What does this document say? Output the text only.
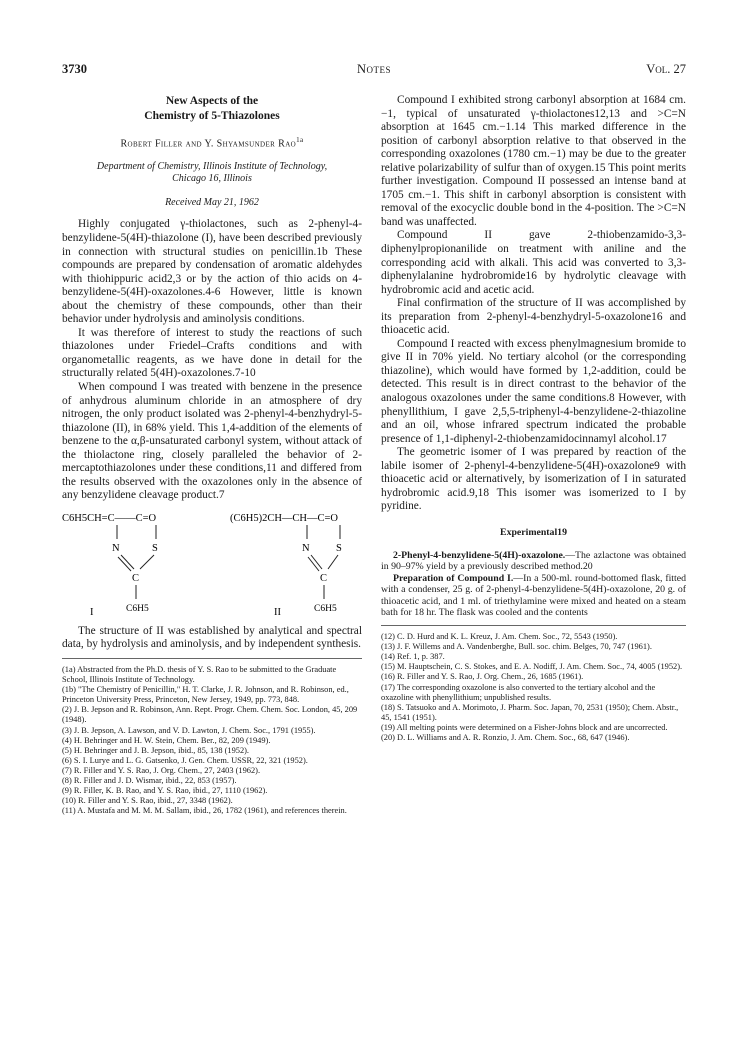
3730	Notes	Vol. 27
New Aspects of the
Chemistry of 5-Thiazolones
Robert Filler and Y. Shyamsunder Rao$^{1a}$
Department of Chemistry, Illinois Institute of Technology,
Chicago 16, Illinois
Received May 21, 1962

Highly conjugated γ-thiolactones, such as 2-phenyl-4-benzylidene-5(4H)-thiazolone (I), have been described previously in connection with structural studies on penicillin.1b These compounds are prepared by condensation of aromatic aldehydes with thiohippuric acid2,3 or by the action of thio acids on 4-benzylidene-5(4H)-oxazolones.4-6 However, little is known about the chemistry of these compounds, other than their behavior under hydrolysis and aminolysis conditions.

It was therefore of interest to study the reactions of such thiazolones under Friedel–Crafts conditions and with organometallic reagents, as we have done in detail for the structurally related 5(4H)-oxazolones.7-10

When compound I was treated with benzene in the presence of anhydrous aluminum chloride in an atmosphere of dry nitrogen, the only product isolated was 2-phenyl-4-benzhydryl-5-thiazolone (II), in 68% yield. This 1,4-addition of the elements of benzene to the α,β-unsaturated carbonyl system, without attack of the thiolactone ring, closely paralleled the behavior of 2-mercaptothiazolones under these conditions,11 and differed from the results observed with the oxazolones only in the absence of any benzylidene cleavage product.7

C6H5CH=C——C=O
N	S
C
C6H5
I
(C6H5)2CH—CH—C=O
N	S
C
C6H5
II

The structure of II was established by analytical and spectral data, by hydrolysis and aminolysis, and by independent synthesis.

(1a) Abstracted from the Ph.D. thesis of Y. S. Rao to be submitted to the Graduate School, Illinois Institute of Technology.

(1b) "The Chemistry of Penicillin," H. T. Clarke, J. R. Johnson, and R. Robinson, ed., Princeton University Press, Princeton, New Jersey, 1949, pp. 773, 848.

(2) J. B. Jepson and R. Robinson, Ann. Rept. Progr. Chem. Chem. Soc. London, 45, 209 (1948).

(3) J. B. Jepson, A. Lawson, and V. D. Lawton, J. Chem. Soc., 1791 (1955).

(4) H. Behringer and H. W. Stein, Chem. Ber., 82, 209 (1949).

(5) H. Behringer and J. B. Jepson, ibid., 85, 138 (1952).

(6) S. I. Lurye and L. G. Gatsenko, J. Gen. Chem. USSR, 22, 321 (1952).

(7) R. Filler and Y. S. Rao, J. Org. Chem., 27, 2403 (1962).

(8) R. Filler and J. D. Wismar, ibid., 22, 853 (1957).

(9) R. Filler, K. B. Rao, and Y. S. Rao, ibid., 27, 1110 (1962).

(10) R. Filler and Y. S. Rao, ibid., 27, 3348 (1962).

(11) A. Mustafa and M. M. M. Sallam, ibid., 26, 1782 (1961), and references therein.

Compound I exhibited strong carbonyl absorption at 1684 cm.−1, typical of unsaturated γ-thiolactones12,13 and >C=N absorption at 1645 cm.−1.14 This marked difference in the position of carbonyl absorption relative to that observed in the corresponding oxazolones (1780 cm.−1) may be due to the greater relative polarizability of sulfur than of oxygen.15 This point merits further investigation. Compound II possessed an intense band at 1705 cm.−1. This shift in carbonyl absorption is consistent with removal of the exocyclic double bond in the 4-position. The >C=N band was unaffected.

Compound II gave 2-thiobenzamido-3,3-diphenylpropionanilide on treatment with aniline and the corresponding acid with alkali. This acid was converted to 3,3-diphenylalanine hydrobromide16 by hydrolytic cleavage with hydrobromic acid and acetic acid.

Final confirmation of the structure of II was accomplished by its preparation from 2-phenyl-4-benzhydryl-5-oxazolone16 and thioacetic acid.

Compound I reacted with excess phenylmagnesium bromide to give II in 70% yield. No tertiary alcohol (or the corresponding thiazoline), which would have formed by 1,2-addition, could be detected. This result is in direct contrast to the behavior of the analogous oxazolones under the same conditions.8 However, with phenyllithium, I gave 2,5,5-triphenyl-4-benzylidene-2-thiazoline and an oil, whose infrared spectrum indicated the probable presence of 1,1-diphenyl-2-thiobenzamidocinnamyl alcohol.17

The geometric isomer of I was prepared by reaction of the labile isomer of 2-phenyl-4-benzylidene-5(4H)-oxazolone9 with thioacetic acid or alternatively, by isomerization of I in saturated hydrobromic acid.9,18 This isomer was isomerized to I by pyridine.

Experimental19

2-Phenyl-4-benzylidene-5(4H)-oxazolone.—The azlactone was obtained in 90–97% yield by a previously described method.20

Preparation of Compound I.—In a 500-ml. round-bottomed flask, fitted with a condenser, 25 g. of 2-phenyl-4-benzylidene-5(4H)-oxazolone, 20 g. of thioacetic acid, and 1 ml. of triethylamine were mixed and heated on a steam bath for 18 hr. The flask was cooled and the contents

(12) C. D. Hurd and K. L. Kreuz, J. Am. Chem. Soc., 72, 5543 (1950).

(13) J. F. Willems and A. Vandenberghe, Bull. soc. chim. Belges, 70, 747 (1961).

(14) Ref. 1, p. 387.

(15) M. Hauptschein, C. S. Stokes, and E. A. Nodiff, J. Am. Chem. Soc., 74, 4005 (1952).

(16) R. Filler and Y. S. Rao, J. Org. Chem., 26, 1685 (1961).

(17) The corresponding oxazolone is also converted to the tertiary alcohol and the oxazoline with phenyllithium; unpublished results.

(18) S. Tatsuoko and A. Morimoto, J. Pharm. Soc. Japan, 70, 2531 (1950); Chem. Abstr., 45, 1541 (1951).

(19) All melting points were determined on a Fisher-Johns block and are uncorrected.

(20) D. L. Williams and A. R. Ronzio, J. Am. Chem. Soc., 68, 647 (1946).
